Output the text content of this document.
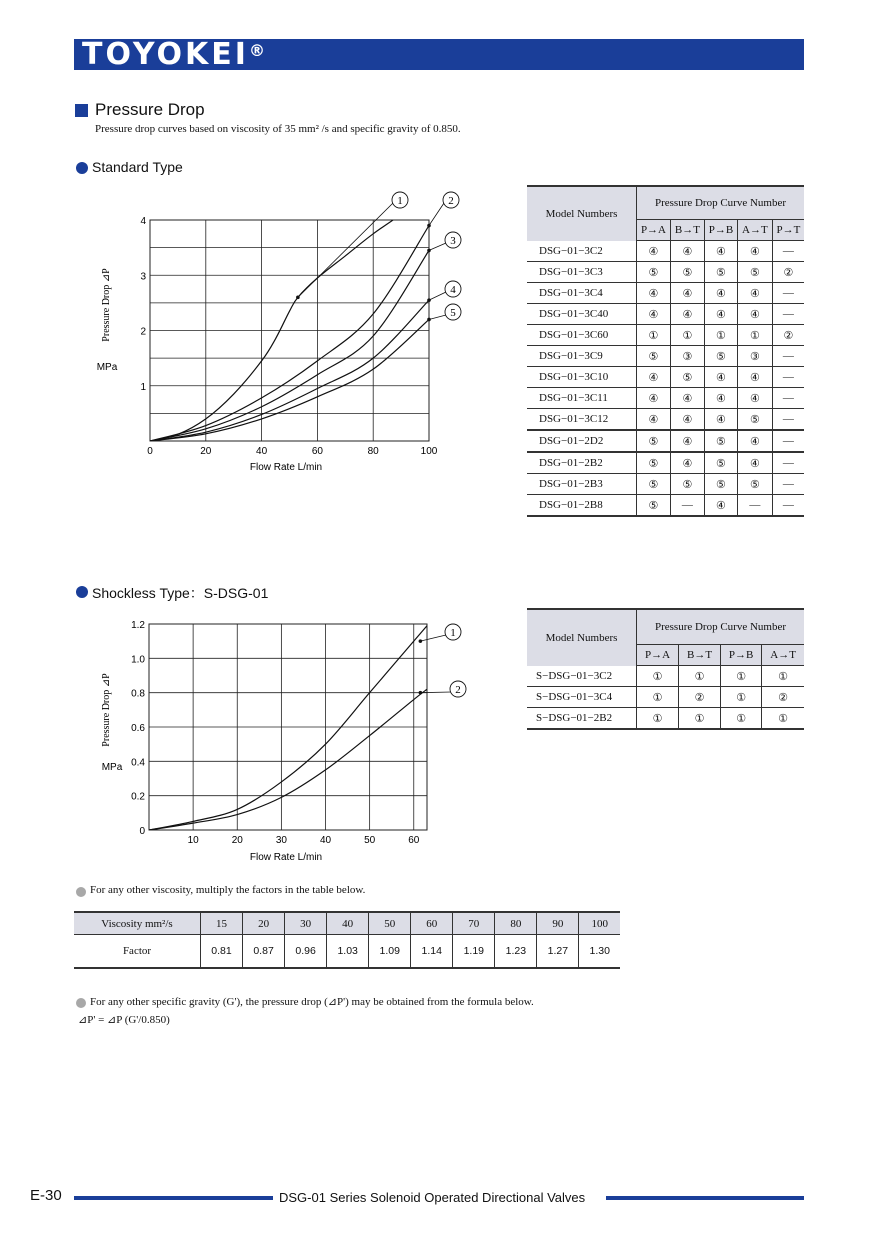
TOYOKEI®
Pressure Drop
Pressure drop curves based on viscosity of 35 mm² /s and specific gravity of 0.850.
Standard Type
0	20	40	60	80	100
1
2
3
4
Flow Rate L/min
Pressure Drop ⊿P
MPa
1	2
3
4
5
Model Numbers	Pressure Drop Curve Number				
	P→A	B→T	P→B	A→T	P→T
DSG−01−3C2	④	④	④	④	—
DSG−01−3C3	⑤	⑤	⑤	⑤	②
DSG−01−3C4	④	④	④	④	—
DSG−01−3C40	④	④	④	④	—
DSG−01−3C60	①	①	①	①	②
DSG−01−3C9	⑤	③	⑤	③	—
DSG−01−3C10	④	⑤	④	④	—
DSG−01−3C11	④	④	④	④	—
DSG−01−3C12	④	④	④	⑤	—
DSG−01−2D2	⑤	④	⑤	④	—
DSG−01−2B2	⑤	④	⑤	④	—
DSG−01−2B3	⑤	⑤	⑤	⑤	—
DSG−01−2B8	⑤	—	④	—	—
Shockless Type：S-DSG-01
10	20	30	40	50	60
0
0.2
0.4
0.6
0.8
1.0
1.2
Flow Rate L/min
Pressure Drop ⊿P
MPa
1
2
Model Numbers	Pressure Drop Curve Number			
	P→A	B→T	P→B	A→T
S−DSG−01−3C2	①	①	①	①
S−DSG−01−3C4	①	②	①	②
S−DSG−01−2B2	①	①	①	①
For any other viscosity, multiply the factors in the table below.
Viscosity mm²/s	15	20	30	40	50	60	70	80	90	100
Factor	0.81	0.87	0.96	1.03	1.09	1.14	1.19	1.23	1.27	1.30
For any other specific gravity (G'), the pressure drop (⊿P') may be obtained from the formula below.
⊿P' = ⊿P (G'/0.850)
E-30	DSG-01 Series Solenoid Operated Directional Valves
